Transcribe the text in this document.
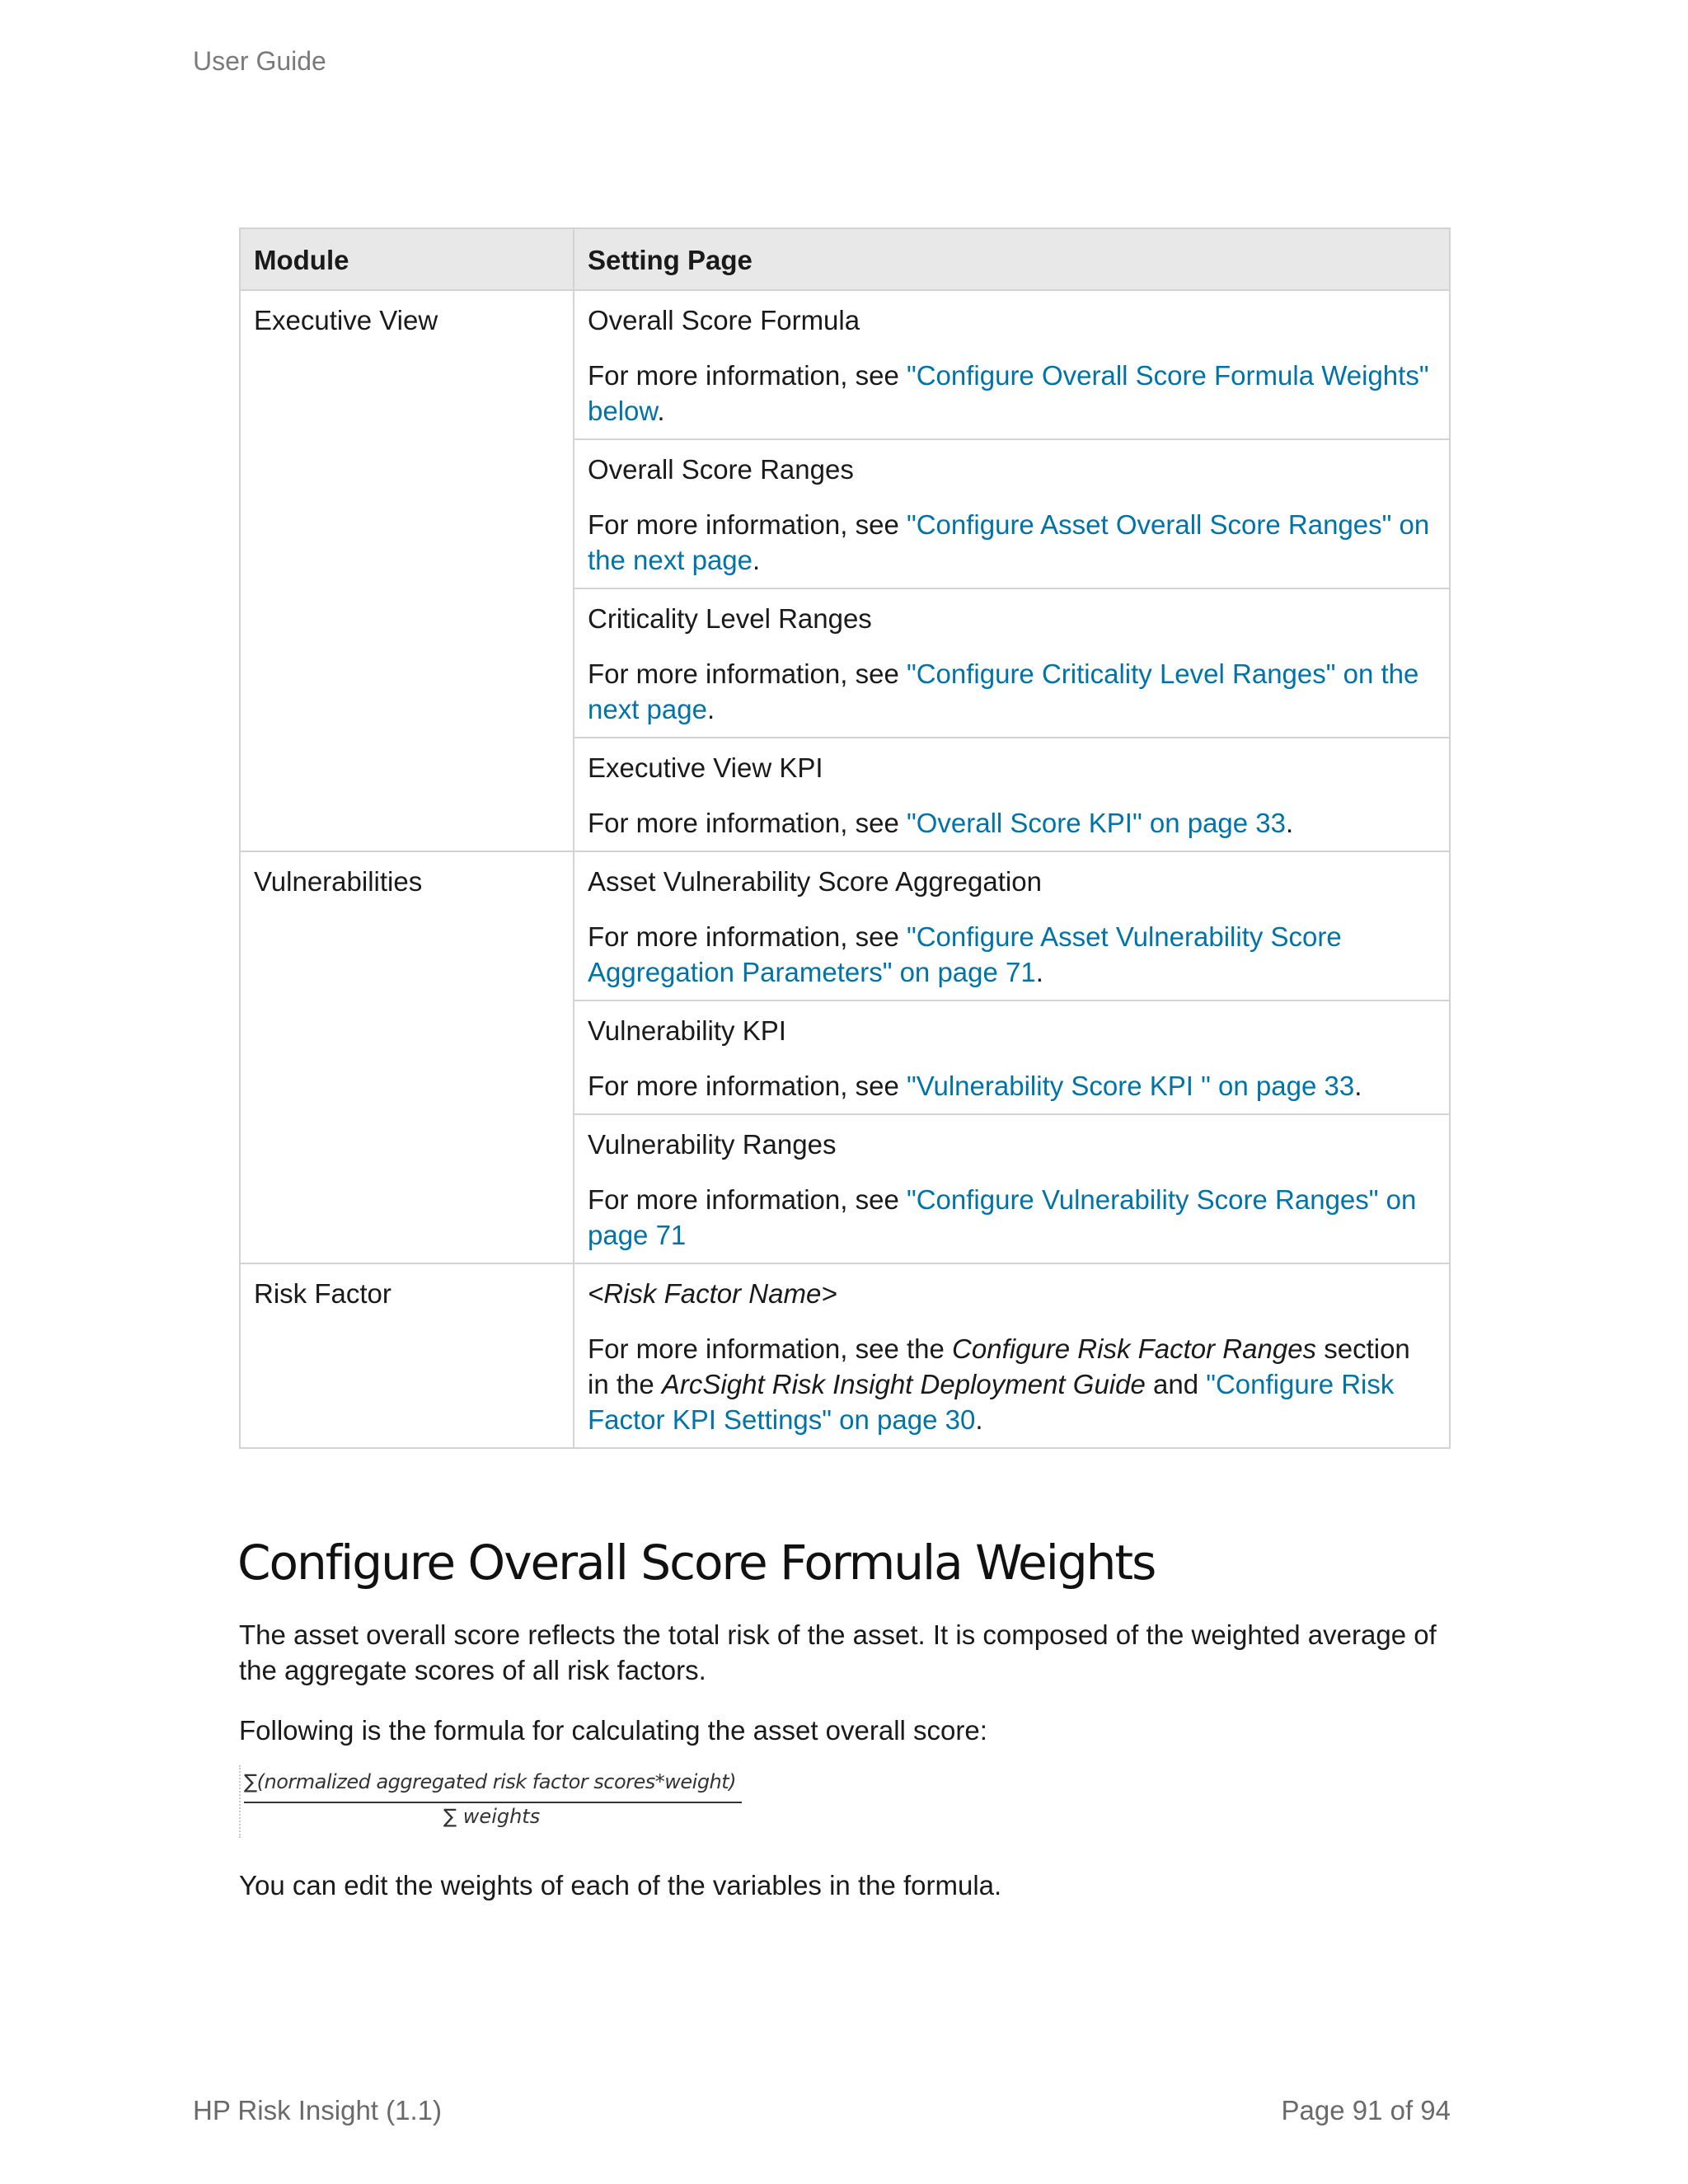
User Guide
Module	Setting Page
Executive View	Overall Score Formula

For more information, see "Configure Overall Score Formula Weights" below.

	Overall Score Ranges

For more information, see "Configure Asset Overall Score Ranges" on the next page.

	Criticality Level Ranges

For more information, see "Configure Criticality Level Ranges" on the next page.

	Executive View KPI

For more information, see "Overall Score KPI" on page 33.

Vulnerabilities	Asset Vulnerability Score Aggregation

For more information, see "Configure Asset Vulnerability Score Aggregation Parameters" on page 71.

	Vulnerability KPI

For more information, see "Vulnerability Score KPI " on page 33.

	Vulnerability Ranges

For more information, see "Configure Vulnerability Score Ranges" on page 71

Risk Factor	<Risk Factor Name>

For more information, see the Configure Risk Factor Ranges section in the ArcSight Risk Insight Deployment Guide and "Configure Risk Factor KPI Settings" on page 30.

Configure Overall Score Formula Weights

The asset overall score reflects the total risk of the asset. It is composed of the weighted average of the aggregate scores of all risk factors.

Following is the formula for calculating the asset overall score:

∑(normalized aggregated risk factor scores*weight)
∑ weights

You can edit the weights of each of the variables in the formula.

HP Risk Insight (1.1)	Page 91 of 94
